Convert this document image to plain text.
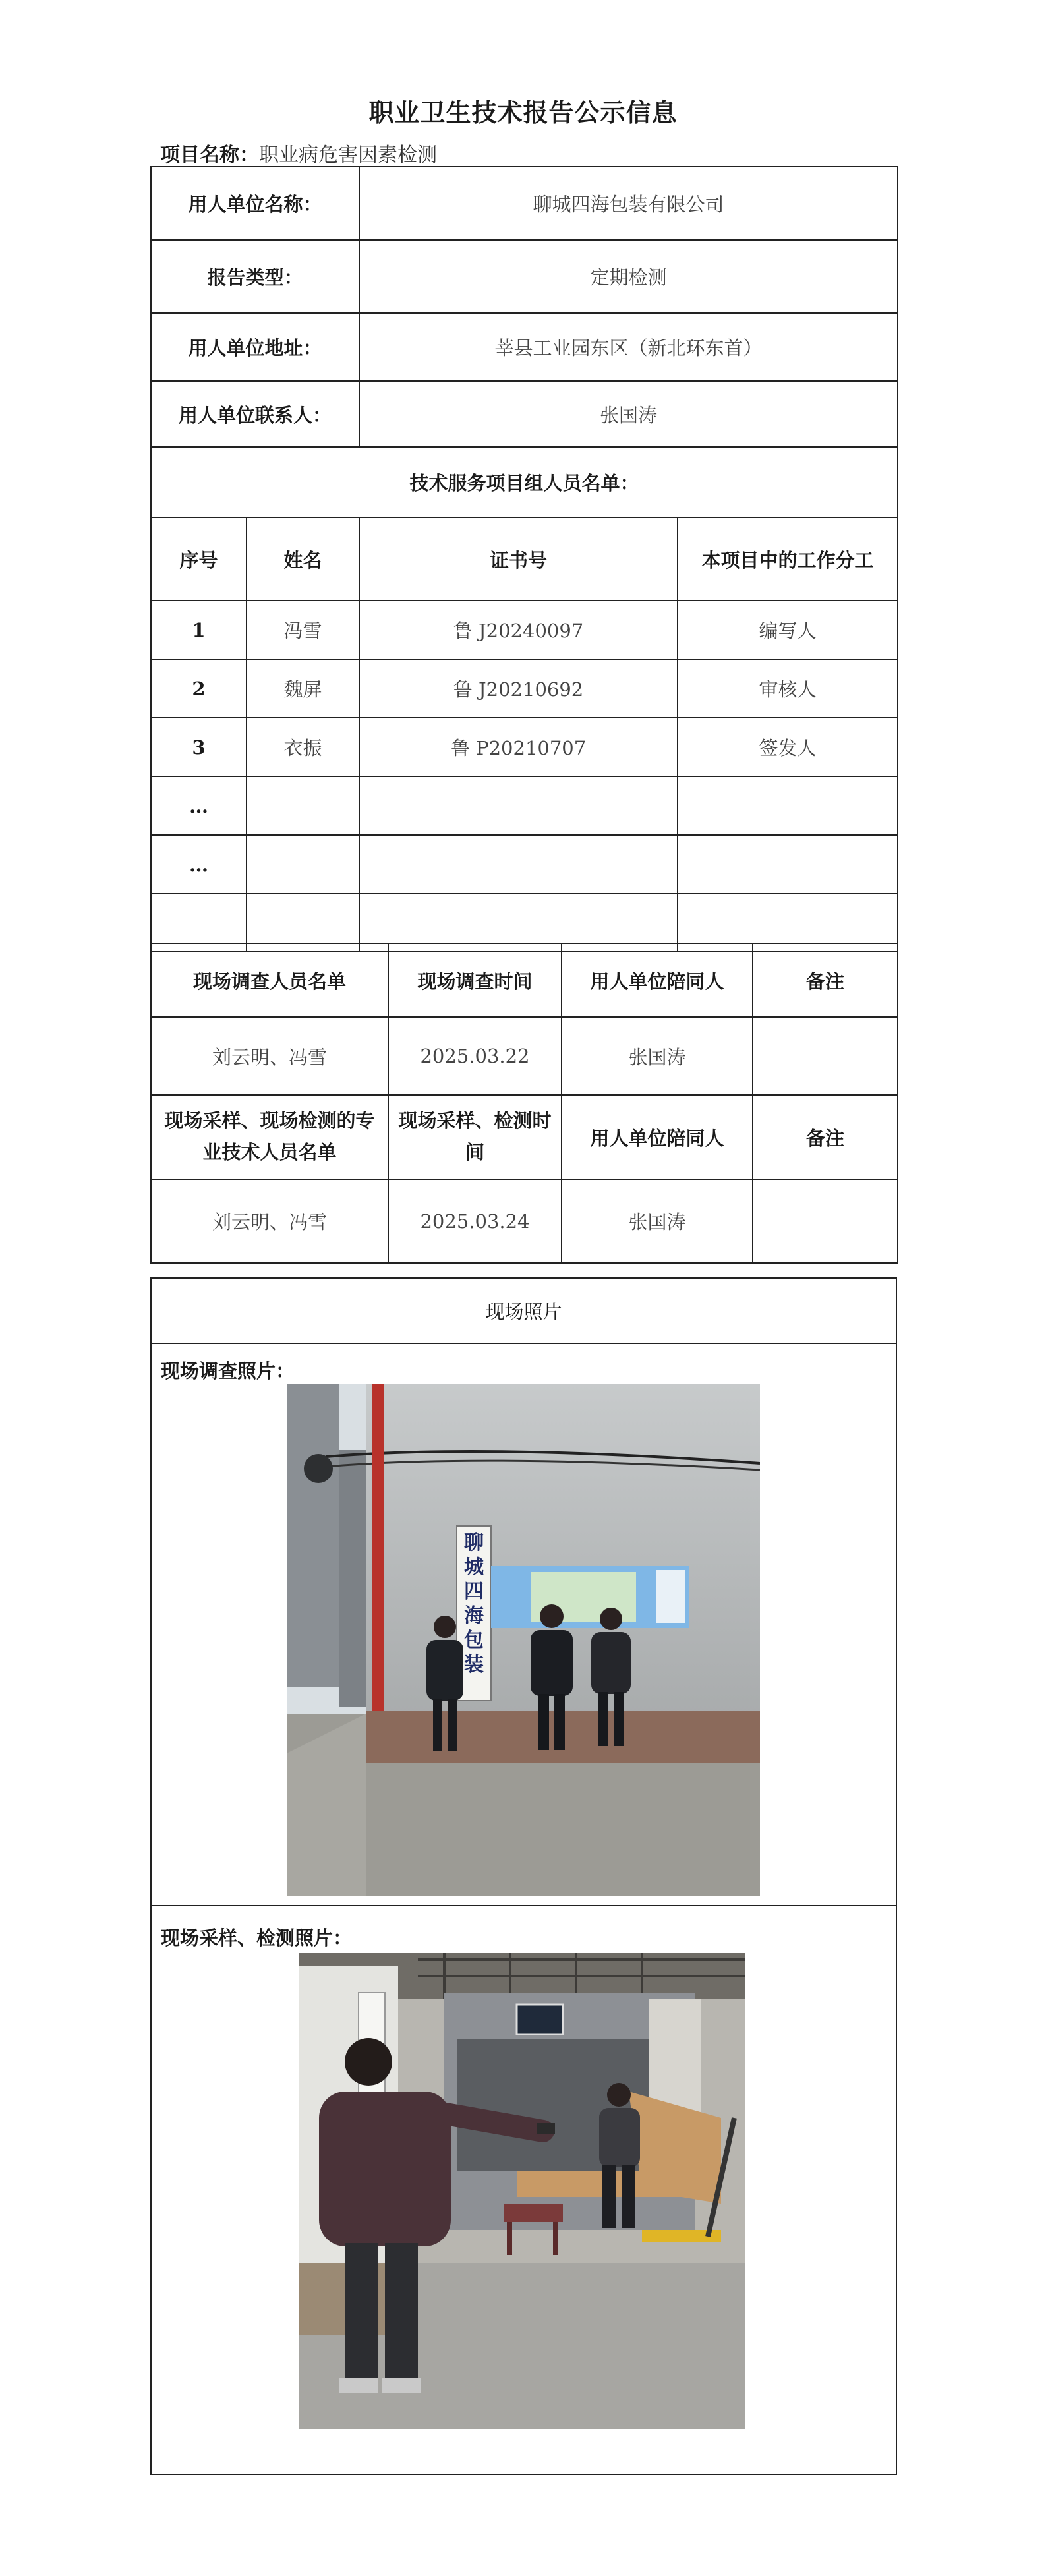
职业卫生技术报告公示信息
项目名称：职业病危害因素检测
用人单位名称：		聊城四海包装有限公司	
报告类型：		定期检测	
用人单位地址：		莘县工业园东区（新北环东首）	
用人单位联系人：		张国涛	
技术服务项目组人员名单：			
序号	姓名	证书号	本项目中的工作分工
1	冯雪	鲁 J20240097	编写人
2	魏屏	鲁 J20210692	审核人
3	衣振	鲁 P20210707	签发人
…			
…			

现场调查人员名单	现场调查时间	用人单位陪同人	备注
刘云明、冯雪	2025.03.22	张国涛	
现场采样、现场检测的专业技术人员名单	现场采样、检测时间	用人单位陪同人	备注
刘云明、冯雪	2025.03.24	张国涛	
现场照片
现场调查照片：
聊
城
四
海
包
装
现场采样、检测照片：
